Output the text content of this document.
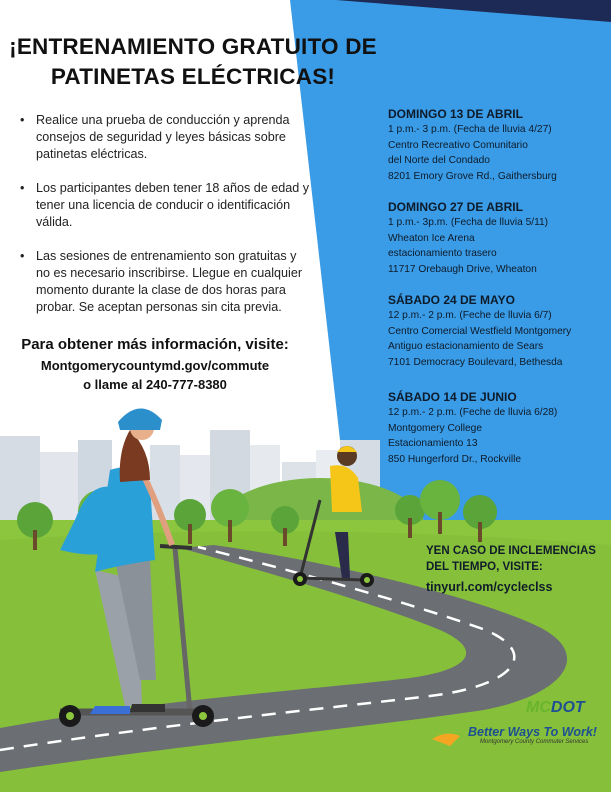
¡ENTRENAMIENTO GRATUITO DE
PATINETAS ELÉCTRICAS!
• Realice una prueba de conducción y aprenda
consejos de seguridad y leyes básicas sobre
patinetas eléctricas.
• Los participantes deben tener 18 años de edad y
tener una licencia de conducir o identificación
válida.
• Las sesiones de entrenamiento son gratuitas y
no es necesario inscribirse. Llegue en cualquier
momento durante la clase de dos horas para
probar. Se aceptan personas sin cita previa.
Para obtener más información, visite:
Montgomerycountymd.gov/commute
o llame al 240-777-8380
DOMINGO 13 DE ABRIL
1 p.m.- 3 p.m. (Fecha de lluvia 4/27)
Centro Recreativo Comunitario
del Norte del Condado
8201 Emory Grove Rd., Gaithersburg
DOMINGO 27 DE ABRIL
1 p.m.- 3p.m. (Fecha de lluvia 5/11)
Wheaton Ice Arena
estacionamiento trasero
11717 Orebaugh Drive, Wheaton
SÁBADO 24 DE MAYO
12 p.m.- 2 p.m. (Feche de lluvia 6/7)
Centro Comercial Westfield Montgomery
Antiguo estacionamiento de Sears
7101 Democracy Boulevard, Bethesda
SÁBADO 14 DE JUNIO
12 p.m.- 2 p.m. (Feche de lluvia 6/28)
Montgomery College
Estacionamiento 13
850 Hungerford Dr., Rockville
YEN CASO DE INCLEMENCIAS
DEL TIEMPO, VISITE:
tinyurl.com/cycleclss
MCDOT
Better Ways To Work!
Montgomery County Commuter Services
